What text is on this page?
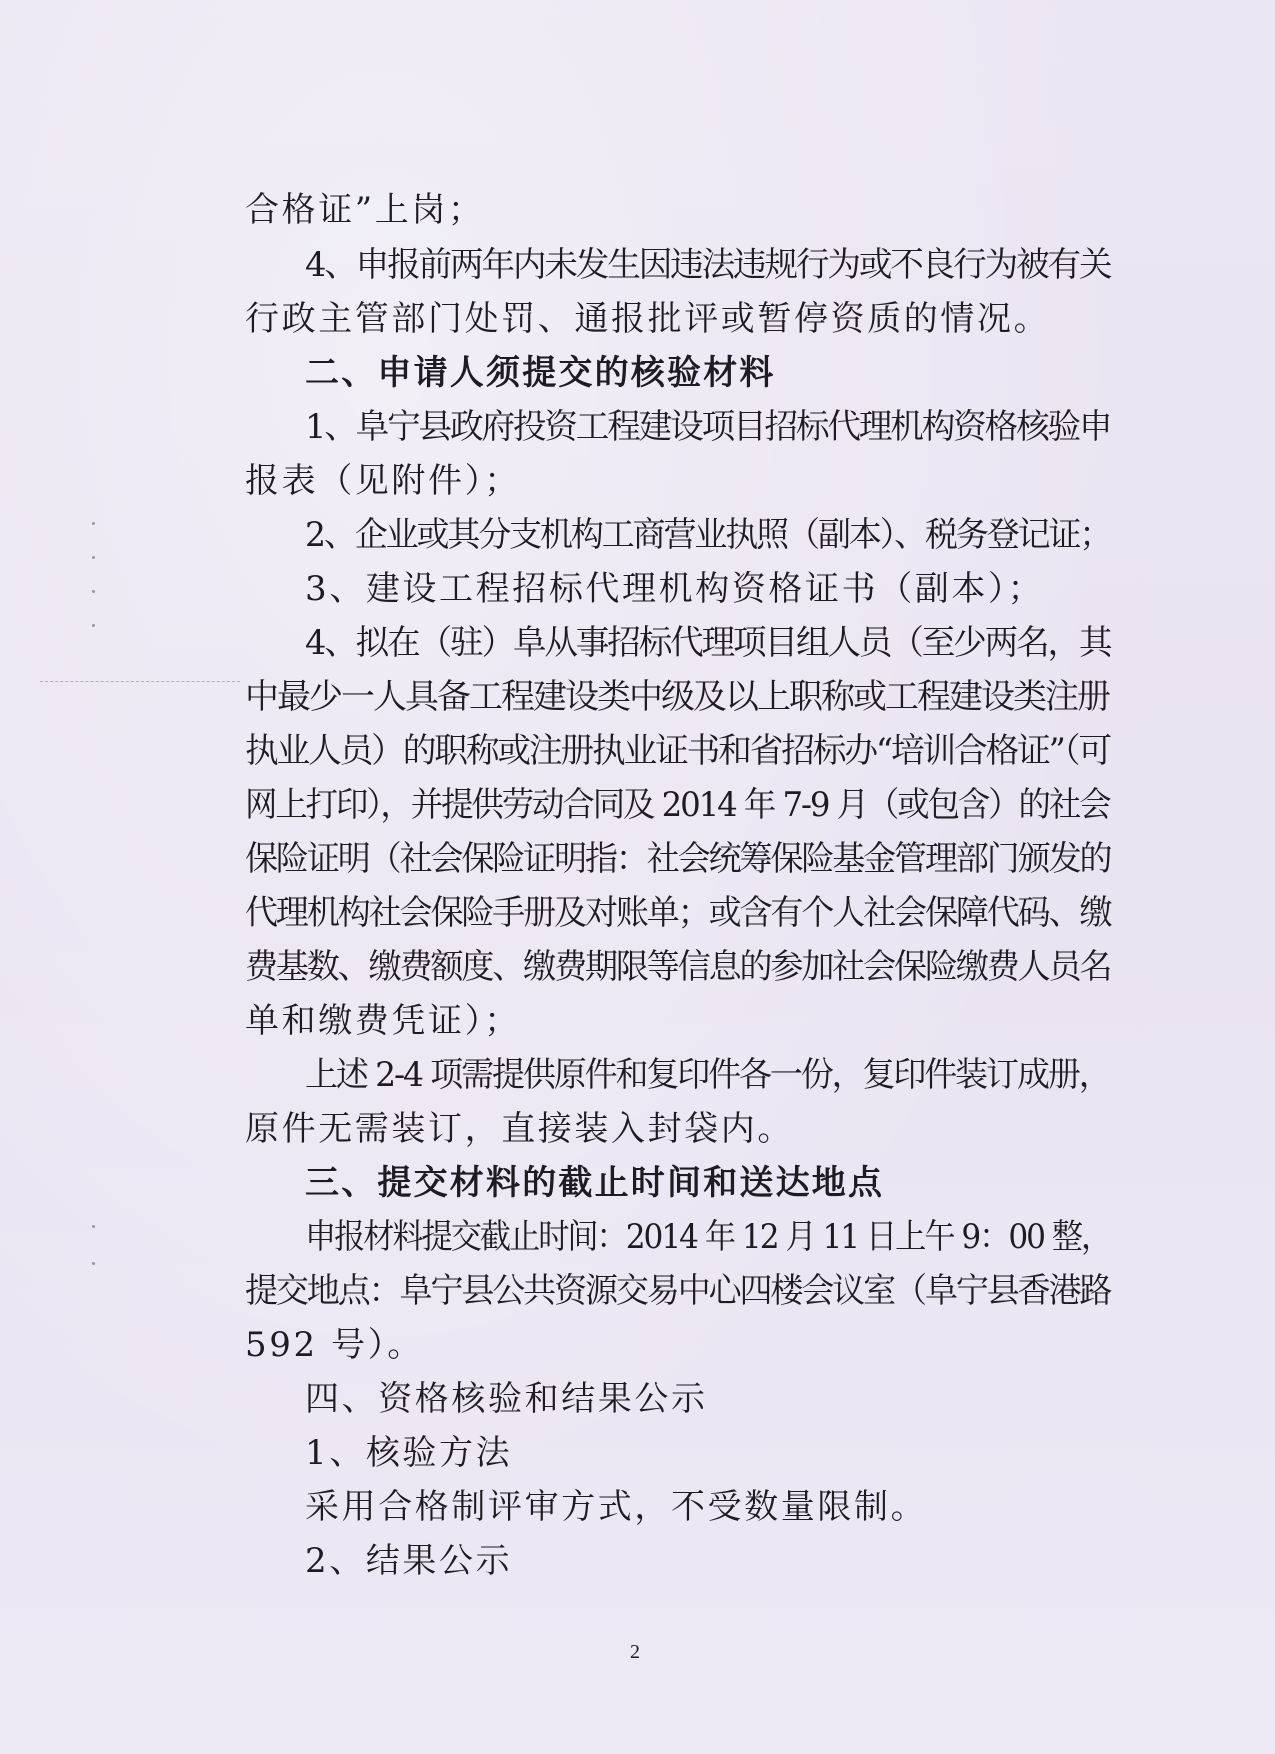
合格证”上岗；
4、申报前两年内未发生因违法违规行为或不良行为被有关
行政主管部门处罚、通报批评或暂停资质的情况。
二、申请人须提交的核验材料
1、阜宁县政府投资工程建设项目招标代理机构资格核验申
报表（见附件）；
2、企业或其分支机构工商营业执照（副本）、税务登记证；
3、建设工程招标代理机构资格证书（副本）；
4、拟在（驻）阜从事招标代理项目组人员（至少两名，其
中最少一人具备工程建设类中级及以上职称或工程建设类注册
执业人员）的职称或注册执业证书和省招标办“培训合格证”（可
网上打印），并提供劳动合同及 2014 年 7-9 月（或包含）的社会
保险证明（社会保险证明指：社会统筹保险基金管理部门颁发的
代理机构社会保险手册及对账单；或含有个人社会保障代码、缴
费基数、缴费额度、缴费期限等信息的参加社会保险缴费人员名
单和缴费凭证）；
上述 2-4 项需提供原件和复印件各一份，复印件装订成册，
原件无需装订，直接装入封袋内。
三、提交材料的截止时间和送达地点
申报材料提交截止时间：2014 年 12 月 11 日上午 9：00 整，
提交地点：阜宁县公共资源交易中心四楼会议室（阜宁县香港路
592 号）。
四、资格核验和结果公示
1、核验方法
采用合格制评审方式，不受数量限制。
2、结果公示
2
